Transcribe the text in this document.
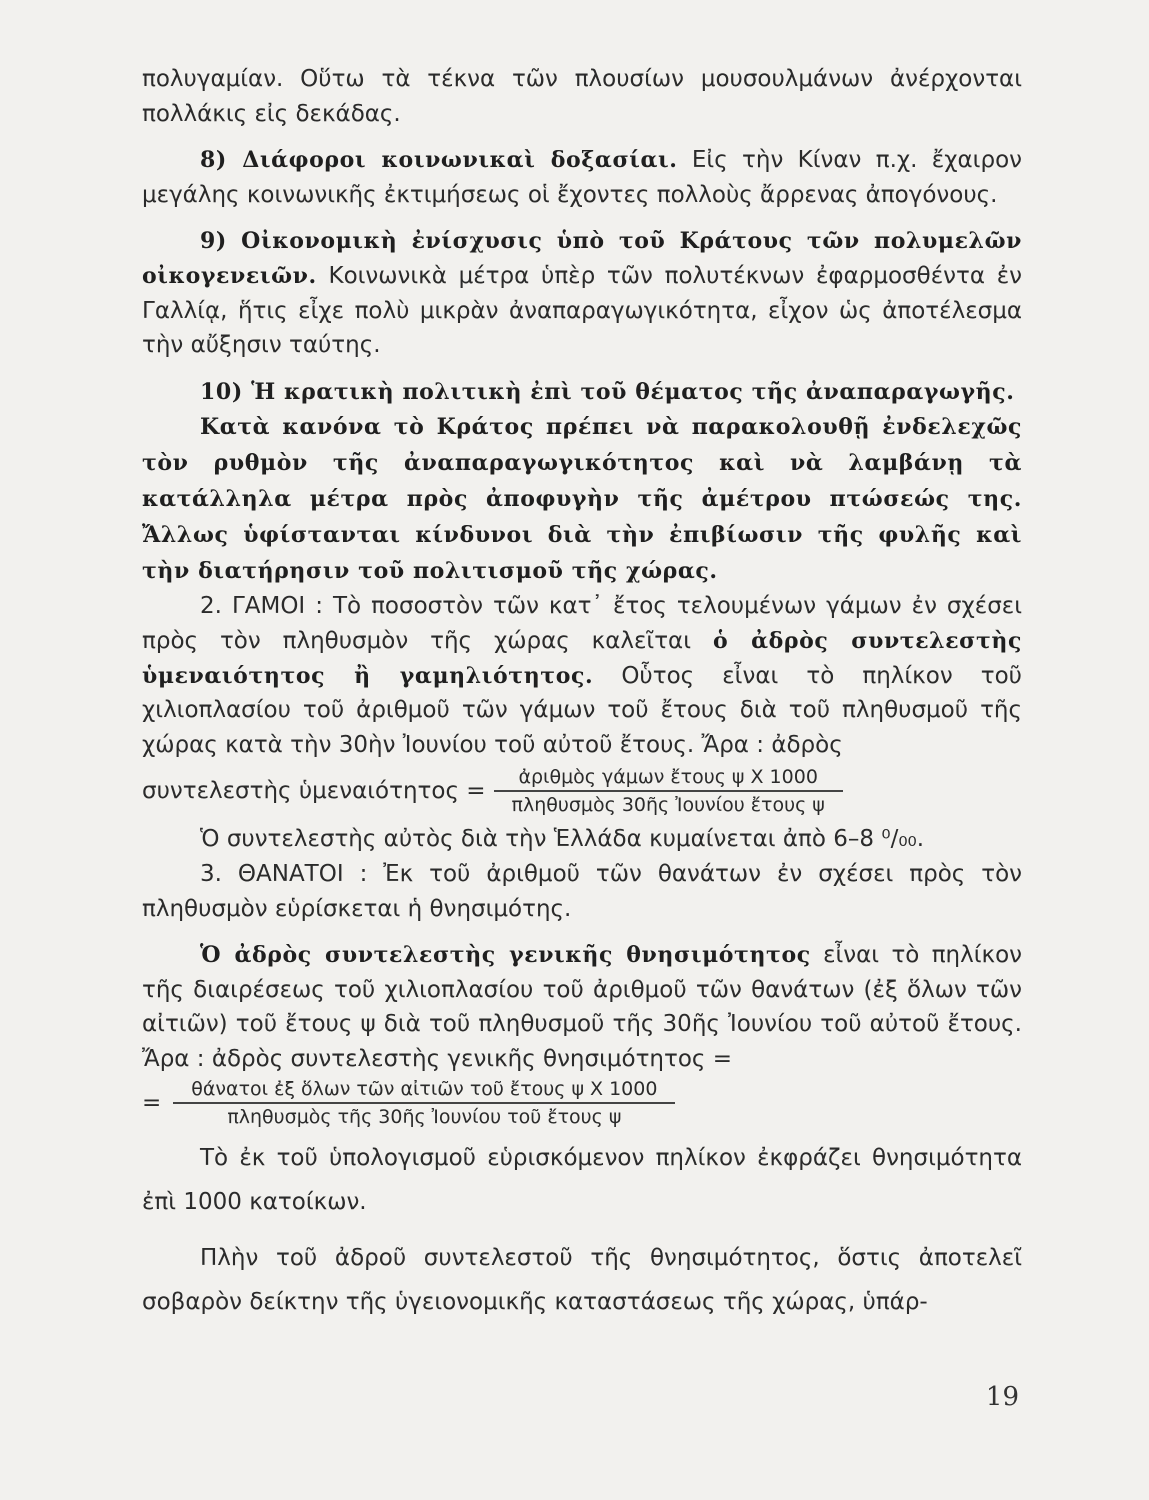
πολυγαμίαν. Οὕτω τὰ τέκνα τῶν πλουσίων μουσουλμάνων ἀνέρχονται πολλάκις εἰς δεκάδας.

8) Διάφοροι κοινωνικαὶ δοξασίαι. Εἰς τὴν Κίναν π.χ. ἔχαιρον μεγάλης κοινωνικῆς ἐκτιμήσεως οἱ ἔχοντες πολλοὺς ἄρρενας ἀπογόνους.

9) Οἰκονομικὴ ἐνίσχυσις ὑπὸ τοῦ Κράτους τῶν πολυμελῶν οἰκογενειῶν. Κοινωνικὰ μέτρα ὑπὲρ τῶν πολυτέκνων ἐφαρμοσθέντα ἐν Γαλλίᾳ, ἥτις εἶχε πολὺ μικρὰν ἀναπαραγωγικότητα, εἶχον ὡς ἀποτέλεσμα τὴν αὔξησιν ταύτης.

10) Ἡ κρατικὴ πολιτικὴ ἐπὶ τοῦ θέματος τῆς ἀναπαραγωγῆς.

Κατὰ κανόνα τὸ Κράτος πρέπει νὰ παρακολουθῇ ἐνδελεχῶς τὸν ρυθμὸν τῆς ἀναπαραγωγικότητος καὶ νὰ λαμβάνῃ τὰ κατάλληλα μέτρα πρὸς ἀποφυγὴν τῆς ἀμέτρου πτώσεώς της. Ἄλλως ὑφίστανται κίνδυνοι διὰ τὴν ἐπιβίωσιν τῆς φυλῆς καὶ τὴν διατήρησιν τοῦ πολιτισμοῦ τῆς χώρας.

2. ΓΑΜΟΙ : Τὸ ποσοστὸν τῶν κατ᾽ ἔτος τελουμένων γάμων ἐν σχέσει πρὸς τὸν πληθυσμὸν τῆς χώρας καλεῖται ὁ ἀδρὸς συντελεστὴς ὑμεναιότητος ἢ γαμηλιότητος. Οὗτος εἶναι τὸ πηλίκον τοῦ χιλιοπλασίου τοῦ ἀριθμοῦ τῶν γάμων τοῦ ἔτους διὰ τοῦ πληθυσμοῦ τῆς χώρας κατὰ τὴν 30ὴν Ἰουνίου τοῦ αὐτοῦ ἔτους. Ἄρα : ἀδρὸς

συντελεστὴς ὑμεναιότητος = $\frac{\text{ἀριθμὸς γάμων ἔτους ψ X 1000}}{\text{πληθυσμὸς 30ῆς Ἰουνίου ἔτους ψ}}$

Ὁ συντελεστὴς αὐτὸς διὰ τὴν Ἑλλάδα κυμαίνεται ἀπὸ 6–8 ⁰/₀₀.

3. ΘΑΝΑΤΟΙ : Ἐκ τοῦ ἀριθμοῦ τῶν θανάτων ἐν σχέσει πρὸς τὸν πληθυσμὸν εὑρίσκεται ἡ θνησιμότης.

Ὁ ἀδρὸς συντελεστὴς γενικῆς θνησιμότητος εἶναι τὸ πηλίκον τῆς διαιρέσεως τοῦ χιλιοπλασίου τοῦ ἀριθμοῦ τῶν θανάτων (ἐξ ὅλων τῶν αἰτιῶν) τοῦ ἔτους ψ διὰ τοῦ πληθυσμοῦ τῆς 30ῆς Ἰουνίου τοῦ αὐτοῦ ἔτους. Ἄρα : ἀδρὸς συντελεστὴς γενικῆς θνησιμότητος =

= $\frac{\text{θάνατοι ἐξ ὅλων τῶν αἰτιῶν τοῦ ἔτους ψ X 1000}}{\text{πληθυσμὸς τῆς 30ῆς Ἰουνίου τοῦ ἔτους ψ}}$

Τὸ ἐκ τοῦ ὑπολογισμοῦ εὑρισκόμενον πηλίκον ἐκφράζει θνησιμότητα ἐπὶ 1000 κατοίκων.

Πλὴν τοῦ ἀδροῦ συντελεστοῦ τῆς θνησιμότητος, ὅστις ἀποτελεῖ σοβαρὸν δείκτην τῆς ὑγειονομικῆς καταστάσεως τῆς χώρας, ὑπάρ-

19
